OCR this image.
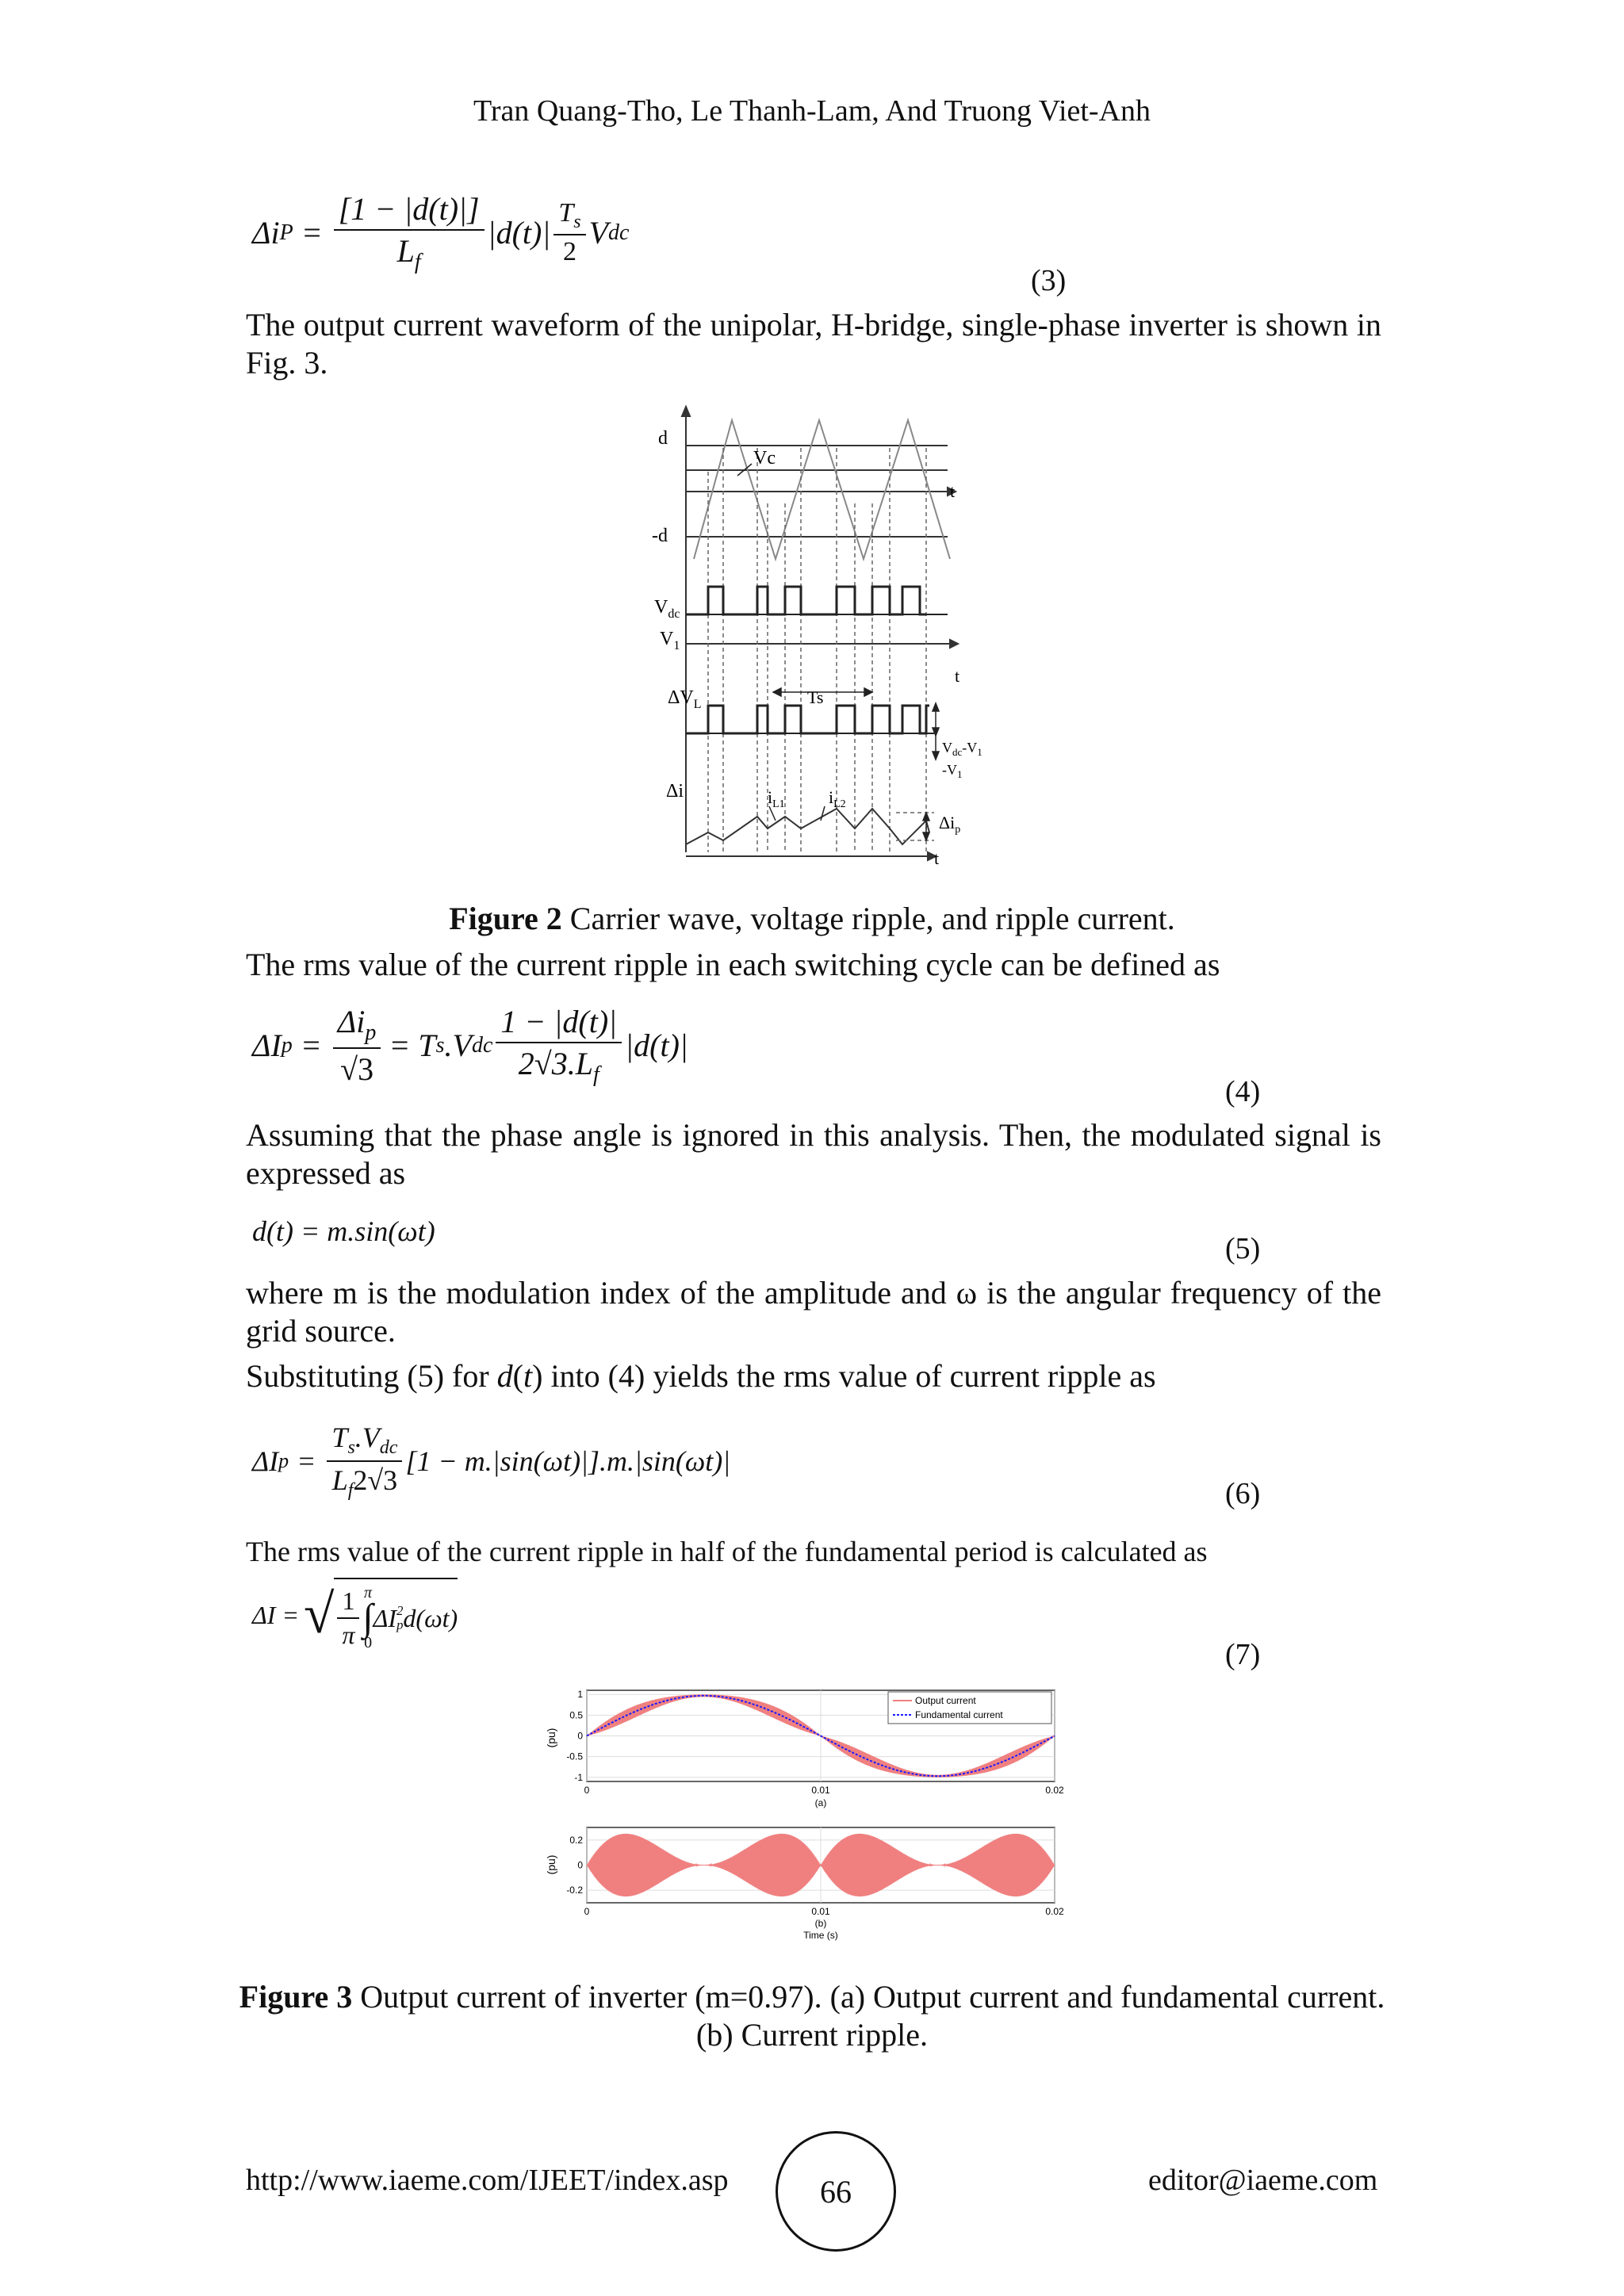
Tran Quang-Tho, Le Thanh-Lam, And Truong Viet-Anh
Δi $P = \frac{[1 - |d(t)|]}{L_f} |d(t)| \frac{T_s}{2}$ V dc
(3)
The output current waveform of the unipolar, H-bridge, single-phase inverter is shown in Fig. 3.
d
-d
Vc
t
$V_{dc}$
$V_1$
t
$\Delta V_L$	Ts
$V_{dc}-V_1$
$-V_1$
Δi	$i_{L1}$	$i_{L2}$
$\Delta i_p$
t
Figure 2 Carrier wave, voltage ripple, and ripple current.
The rms value of the current ripple in each switching cycle can be defined as
ΔI $p = \frac{\Delta i_p}{√3} = T$ s .V dc $\frac{1 - |d(t)|}{2√3.L_f} |d(t)|$
(4)
Assuming that the phase angle is ignored in this analysis. Then, the modulated signal is expressed as
d(t) = m.sin(ωt)
(5)
where m is the modulation index of the amplitude and ω is the angular frequency of the grid source.
Substituting (5) for d(t) into (4) yields the rms value of current ripple as
ΔI $p = \frac{T_s.V_{dc}}{L_f2√3} [1 - m.|\sin(\omega t)|].m.|\sin(\omega t)|$
(6)
The rms value of the current ripple in half of the fundamental period is calculated as
ΔI = √ $\frac{1}{\pi}$ π
∫
0
ΔI 2
p d(ωt)
(7)
Output current
Fundamental current
1
0.5
0
-0.5
-1
0	0.01	0.02
(pu)
(a)
0.2
0
-0.2
0	0.01	0.02
(pu)
(b)
Time (s)
Figure 3 Output current of inverter (m=0.97). (a) Output current and fundamental current. (b) Current ripple.
http://www.iaeme.com/IJEET/index.asp	66	editor@iaeme.com
